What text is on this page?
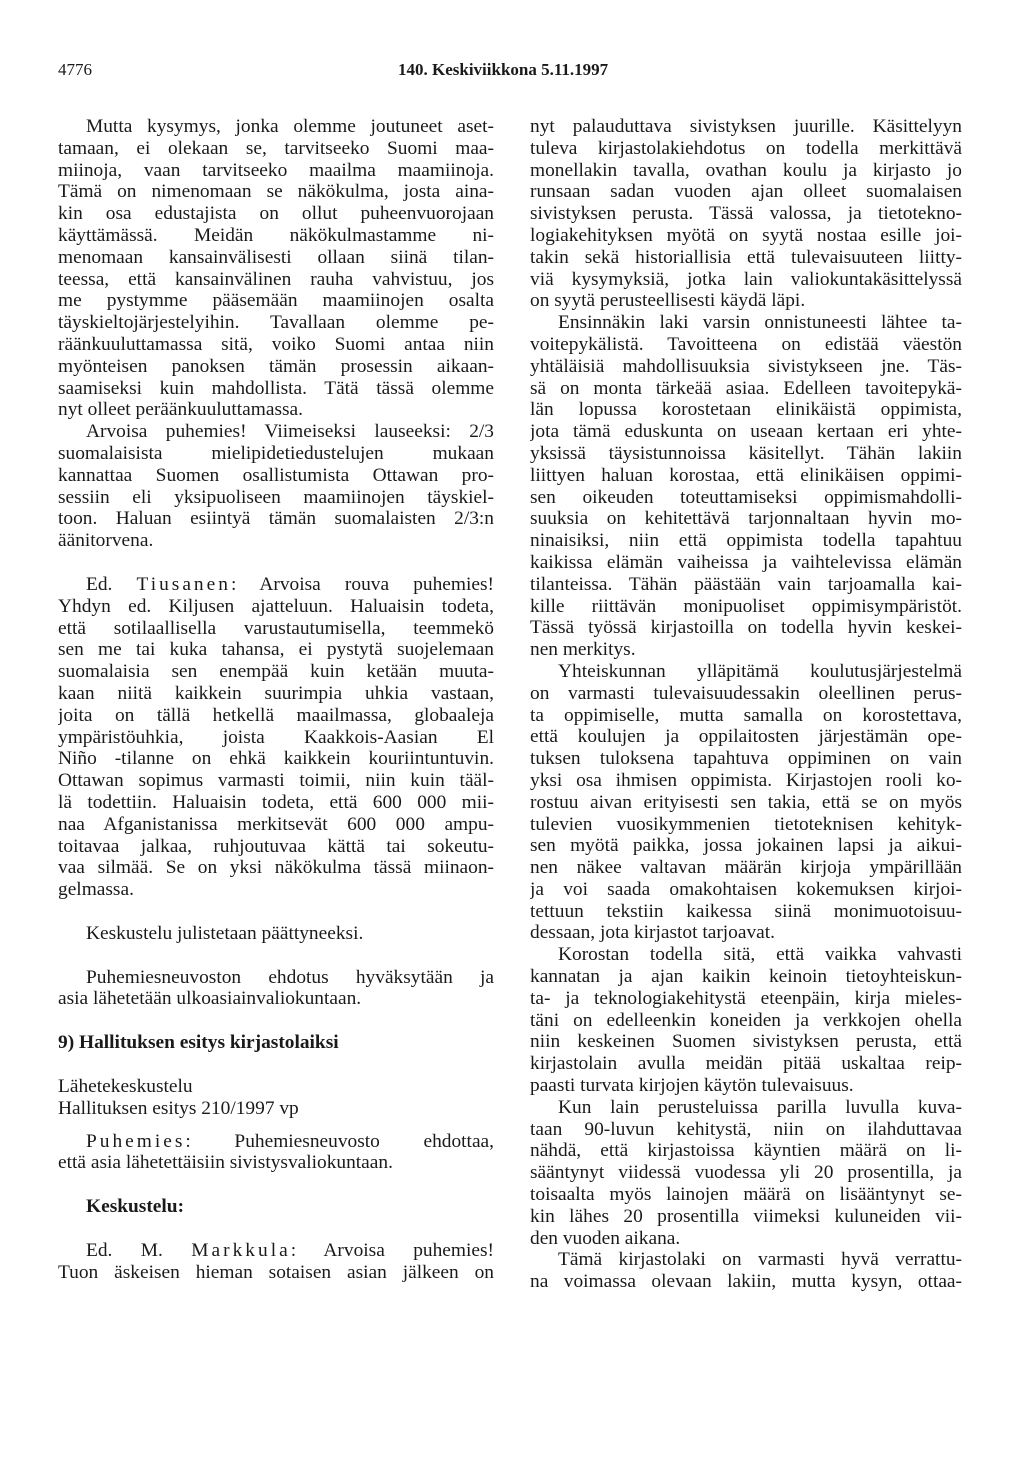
4776	140. Keskiviikkona 5.11.1997

Mutta kysymys, jonka olemme joutuneet aset-
tamaan, ei olekaan se, tarvitseeko Suomi maa-
miinoja, vaan tarvitseeko maailma maamiinoja.
Tämä on nimenomaan se näkökulma, josta aina-
kin osa edustajista on ollut puheenvuorojaan
käyttämässä. Meidän näkökulmastamme ni-
menomaan kansainvälisesti ollaan siinä tilan-
teessa, että kansainvälinen rauha vahvistuu, jos
me pystymme pääsemään maamiinojen osalta
täyskieltojärjestelyihin. Tavallaan olemme pe-
räänkuuluttamassa sitä, voiko Suomi antaa niin
myönteisen panoksen tämän prosessin aikaan-
saamiseksi kuin mahdollista. Tätä tässä olemme
nyt olleet peräänkuuluttamassa.

Arvoisa puhemies! Viimeiseksi lauseeksi: 2/3
suomalaisista mielipidetiedustelujen mukaan
kannattaa Suomen osallistumista Ottawan pro-
sessiin eli yksipuoliseen maamiinojen täyskiel-
toon. Haluan esiintyä tämän suomalaisten 2/3:n
äänitorvena.

Ed. Tiusanen: Arvoisa rouva puhemies!
Yhdyn ed. Kiljusen ajatteluun. Haluaisin todeta,
että sotilaallisella varustautumisella, teemmekö
sen me tai kuka tahansa, ei pystytä suojelemaan
suomalaisia sen enempää kuin ketään muuta-
kaan niitä kaikkein suurimpia uhkia vastaan,
joita on tällä hetkellä maailmassa, globaaleja
ympäristöuhkia, joista Kaakkois-Aasian El
Niño -tilanne on ehkä kaikkein kouriintuntuvin.
Ottawan sopimus varmasti toimii, niin kuin tääl-
lä todettiin. Haluaisin todeta, että 600 000 mii-
naa Afganistanissa merkitsevät 600 000 ampu-
toitavaa jalkaa, ruhjoutuvaa kättä tai sokeutu-
vaa silmää. Se on yksi näkökulma tässä miinaon-
gelmassa.

Keskustelu julistetaan päättyneeksi.

Puhemiesneuvoston ehdotus hyväksytään ja
asia lähetetään ulkoasiainvaliokuntaan.

9) Hallituksen esitys kirjastolaiksi

Lähetekeskustelu
Hallituksen esitys 210/1997 vp

Puhemies: Puhemiesneuvosto ehdottaa,
että asia lähetettäisiin sivistysvaliokuntaan.

Keskustelu:

Ed. M. Markkula: Arvoisa puhemies!
Tuon äskeisen hieman sotaisen asian jälkeen on

nyt palauduttava sivistyksen juurille. Käsittelyyn
tuleva kirjastolakiehdotus on todella merkittävä
monellakin tavalla, ovathan koulu ja kirjasto jo
runsaan sadan vuoden ajan olleet suomalaisen
sivistyksen perusta. Tässä valossa, ja tietotekno-
logiakehityksen myötä on syytä nostaa esille joi-
takin sekä historiallisia että tulevaisuuteen liitty-
viä kysymyksiä, jotka lain valiokuntakäsittelyssä
on syytä perusteellisesti käydä läpi.

Ensinnäkin laki varsin onnistuneesti lähtee ta-
voitepykälistä. Tavoitteena on edistää väestön
yhtäläisiä mahdollisuuksia sivistykseen jne. Täs-
sä on monta tärkeää asiaa. Edelleen tavoitepykä-
län lopussa korostetaan elinikäistä oppimista,
jota tämä eduskunta on useaan kertaan eri yhte-
yksissä täysistunnoissa käsitellyt. Tähän lakiin
liittyen haluan korostaa, että elinikäisen oppimi-
sen oikeuden toteuttamiseksi oppimismahdolli-
suuksia on kehitettävä tarjonnaltaan hyvin mo-
ninaisiksi, niin että oppimista todella tapahtuu
kaikissa elämän vaiheissa ja vaihtelevissa elämän
tilanteissa. Tähän päästään vain tarjoamalla kai-
kille riittävän monipuoliset oppimisympäristöt.
Tässä työssä kirjastoilla on todella hyvin keskei-
nen merkitys.

Yhteiskunnan ylläpitämä koulutusjärjestelmä
on varmasti tulevaisuudessakin oleellinen perus-
ta oppimiselle, mutta samalla on korostettava,
että koulujen ja oppilaitosten järjestämän ope-
tuksen tuloksena tapahtuva oppiminen on vain
yksi osa ihmisen oppimista. Kirjastojen rooli ko-
rostuu aivan erityisesti sen takia, että se on myös
tulevien vuosikymmenien tietoteknisen kehityk-
sen myötä paikka, jossa jokainen lapsi ja aikui-
nen näkee valtavan määrän kirjoja ympärillään
ja voi saada omakohtaisen kokemuksen kirjoi-
tettuun tekstiin kaikessa siinä monimuotoisuu-
dessaan, jota kirjastot tarjoavat.

Korostan todella sitä, että vaikka vahvasti
kannatan ja ajan kaikin keinoin tietoyhteiskun-
ta- ja teknologiakehitystä eteenpäin, kirja mieles-
täni on edelleenkin koneiden ja verkkojen ohella
niin keskeinen Suomen sivistyksen perusta, että
kirjastolain avulla meidän pitää uskaltaa reip-
paasti turvata kirjojen käytön tulevaisuus.

Kun lain perusteluissa parilla luvulla kuva-
taan 90-luvun kehitystä, niin on ilahduttavaa
nähdä, että kirjastoissa käyntien määrä on li-
sääntynyt viidessä vuodessa yli 20 prosentilla, ja
toisaalta myös lainojen määrä on lisääntynyt se-
kin lähes 20 prosentilla viimeksi kuluneiden vii-
den vuoden aikana.

Tämä kirjastolaki on varmasti hyvä verrattu-
na voimassa olevaan lakiin, mutta kysyn, ottaa-
